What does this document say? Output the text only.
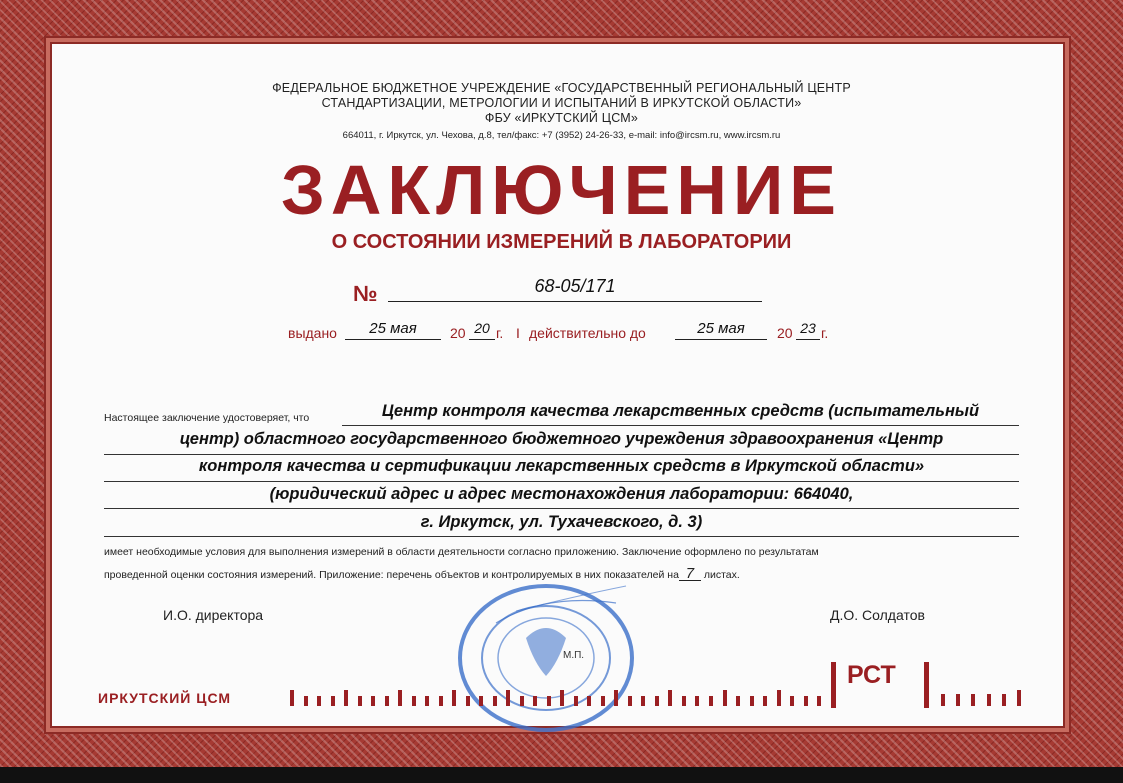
ФЕДЕРАЛЬНОЕ БЮДЖЕТНОЕ УЧРЕЖДЕНИЕ «ГОСУДАРСТВЕННЫЙ РЕГИОНАЛЬНЫЙ ЦЕНТР
СТАНДАРТИЗАЦИИ, МЕТРОЛОГИИ И ИСПЫТАНИЙ В ИРКУТСКОЙ ОБЛАСТИ»
ФБУ «ИРКУТСКИЙ ЦСМ»
664011, г. Иркутск, ул. Чехова, д.8, тел/факс: +7 (3952) 24-26-33, e-mail: info@ircsm.ru, www.ircsm.ru
ЗАКЛЮЧЕНИЕ
О СОСТОЯНИИ ИЗМЕРЕНИЙ В ЛАБОРАТОРИИ
№	68-05/171
выдано	25 мая	20 20 г. I действительно до	25 мая	20 23 г.
Настоящее заключение удостоверяет, что	Центр контроля качества лекарственных средств (испытательный
центр) областного государственного бюджетного учреждения здравоохранения «Центр
контроля качества и сертификации лекарственных средств в Иркутской области»
(юридический адрес и адрес местонахождения лаборатории: 664040,
г. Иркутск, ул. Тухачевского, д. 3)
имеет необходимые условия для выполнения измерений в области деятельности согласно приложению. Заключение оформлено по результатам
проведенной оценки состояния измерений. Приложение: перечень объектов и контролируемых в них показателей на 7 листах.
И.О. директора	Д.О. Солдатов
М.П.
ИРКУТСКИЙ ЦСМ
РСТ
